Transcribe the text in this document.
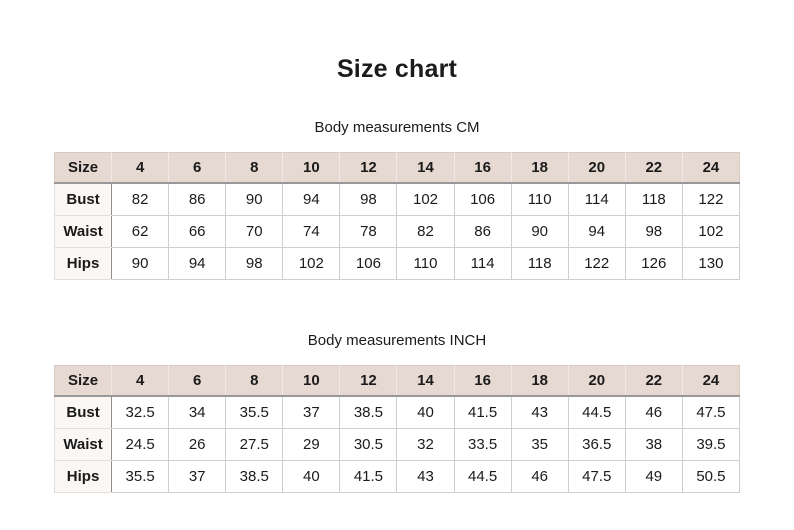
Size chart

Body measurements CM

Size	4	6	8	10	12	14	16	18	20	22	24
Bust	82	86	90	94	98	102	106	110	114	118	122
Waist	62	66	70	74	78	82	86	90	94	98	102
Hips	90	94	98	102	106	110	114	118	122	126	130

Body measurements INCH

Size	4	6	8	10	12	14	16	18	20	22	24
Bust	32.5	34	35.5	37	38.5	40	41.5	43	44.5	46	47.5
Waist	24.5	26	27.5	29	30.5	32	33.5	35	36.5	38	39.5
Hips	35.5	37	38.5	40	41.5	43	44.5	46	47.5	49	50.5
